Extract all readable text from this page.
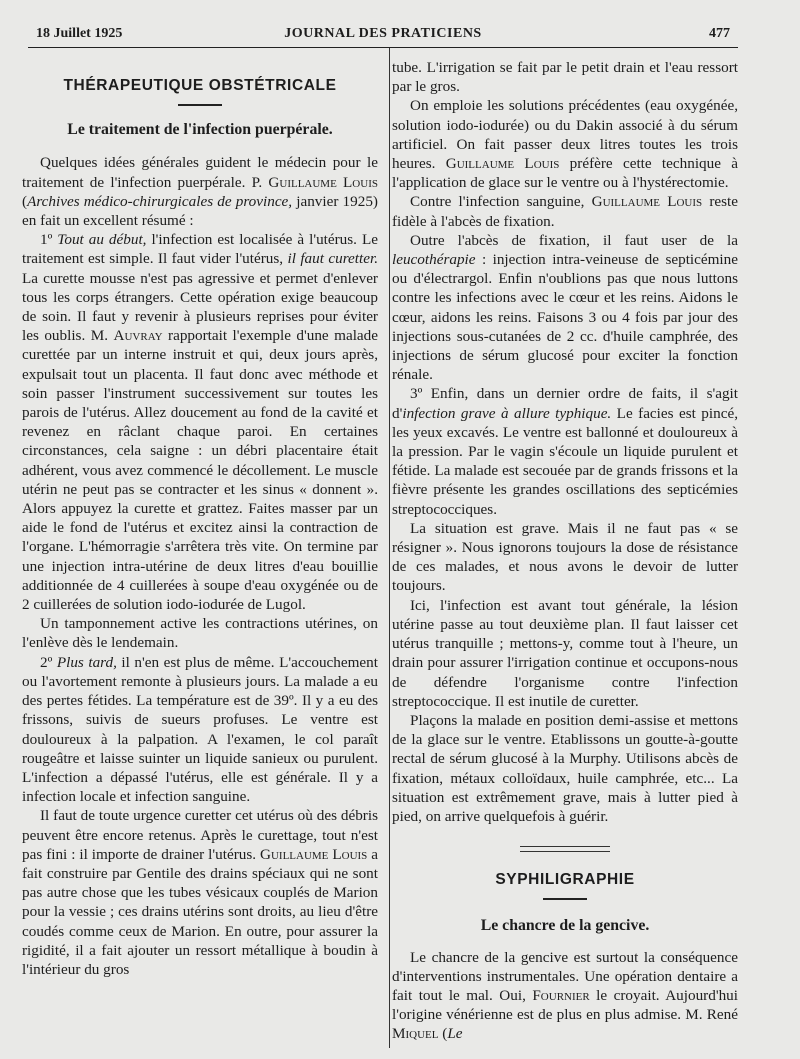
18 Juillet 1925	JOURNAL DES PRATICIENS	477
THÉRAPEUTIQUE OBSTÉTRICALE
Le traitement de l'infection puerpérale.

Quelques idées générales guident le médecin pour le traitement de l'infection puerpérale. P. Guillaume Louis (Archives médico-chirurgicales de province, janvier 1925) en fait un excellent résumé :

1º Tout au début, l'infection est localisée à l'utérus. Le traitement est simple. Il faut vider l'utérus, il faut curetter. La curette mousse n'est pas agressive et permet d'enlever tous les corps étrangers. Cette opération exige beaucoup de soin. Il faut y revenir à plusieurs reprises pour éviter les oublis. M. Auvray rapportait l'exemple d'une malade curettée par un interne instruit et qui, deux jours après, expulsait tout un placenta. Il faut donc avec méthode et soin passer l'instrument successivement sur toutes les parois de l'utérus. Allez doucement au fond de la cavité et revenez en râclant chaque paroi. En certaines circonstances, cela saigne : un débri placentaire était adhérent, vous avez commencé le décollement. Le muscle utérin ne peut pas se contracter et les sinus « donnent ». Alors appuyez la curette et grattez. Faites masser par un aide le fond de l'utérus et excitez ainsi la contraction de l'organe. L'hémorragie s'arrêtera très vite. On termine par une injection intra-utérine de deux litres d'eau bouillie additionnée de 4 cuillerées à soupe d'eau oxygénée ou de 2 cuillerées de solution iodo-iodurée de Lugol.

Un tamponnement active les contractions utérines, on l'enlève dès le lendemain.

2º Plus tard, il n'en est plus de même. L'accouchement ou l'avortement remonte à plusieurs jours. La malade a eu des pertes fétides. La température est de 39º. Il y a eu des frissons, suivis de sueurs profuses. Le ventre est douloureux à la palpation. A l'examen, le col paraît rougeâtre et laisse suinter un liquide sanieux ou purulent. L'infection a dépassé l'utérus, elle est générale. Il y a infection locale et infection sanguine.

Il faut de toute urgence curetter cet utérus où des débris peuvent être encore retenus. Après le curettage, tout n'est pas fini : il importe de drainer l'utérus. Guillaume Louis a fait construire par Gentile des drains spéciaux qui ne sont pas autre chose que les tubes vésicaux couplés de Marion pour la vessie ; ces drains utérins sont droits, au lieu d'être coudés comme ceux de Marion. En outre, pour assurer la rigidité, il a fait ajouter un ressort métallique à boudin à l'intérieur du gros

tube. L'irrigation se fait par le petit drain et l'eau ressort par le gros.

On emploie les solutions précédentes (eau oxygénée, solution iodo-iodurée) ou du Dakin associé à du sérum artificiel. On fait passer deux litres toutes les trois heures. Guillaume Louis préfère cette technique à l'application de glace sur le ventre ou à l'hystérectomie.

Contre l'infection sanguine, Guillaume Louis reste fidèle à l'abcès de fixation.

Outre l'abcès de fixation, il faut user de la leucothérapie : injection intra-veineuse de septicémine ou d'électrargol. Enfin n'oublions pas que nous luttons contre les infections avec le cœur et les reins. Aidons le cœur, aidons les reins. Faisons 3 ou 4 fois par jour des injections sous-cutanées de 2 cc. d'huile camphrée, des injections de sérum glucosé pour exciter la fonction rénale.

3º Enfin, dans un dernier ordre de faits, il s'agit d'infection grave à allure typhique. Le facies est pincé, les yeux excavés. Le ventre est ballonné et douloureux à la pression. Par le vagin s'écoule un liquide purulent et fétide. La malade est secouée par de grands frissons et la fièvre présente les grandes oscillations des septicémies streptococciques.

La situation est grave. Mais il ne faut pas « se résigner ». Nous ignorons toujours la dose de résistance de ces malades, et nous avons le devoir de lutter toujours.

Ici, l'infection est avant tout générale, la lésion utérine passe au tout deuxième plan. Il faut laisser cet utérus tranquille ; mettons-y, comme tout à l'heure, un drain pour assurer l'irrigation continue et occupons-nous de défendre l'organisme contre l'infection streptococcique. Il est inutile de curetter.

Plaçons la malade en position demi-assise et mettons de la glace sur le ventre. Etablissons un goutte-à-goutte rectal de sérum glucosé à la Murphy. Utilisons abcès de fixation, métaux colloïdaux, huile camphrée, etc... La situation est extrêmement grave, mais à lutter pied à pied, on arrive quelquefois à guérir.

SYPHILIGRAPHIE
Le chancre de la gencive.

Le chancre de la gencive est surtout la conséquence d'interventions instrumentales. Une opération dentaire a fait tout le mal. Oui, Fournier le croyait. Aujourd'hui l'origine vénérienne est de plus en plus admise. M. René Miquel (Le
